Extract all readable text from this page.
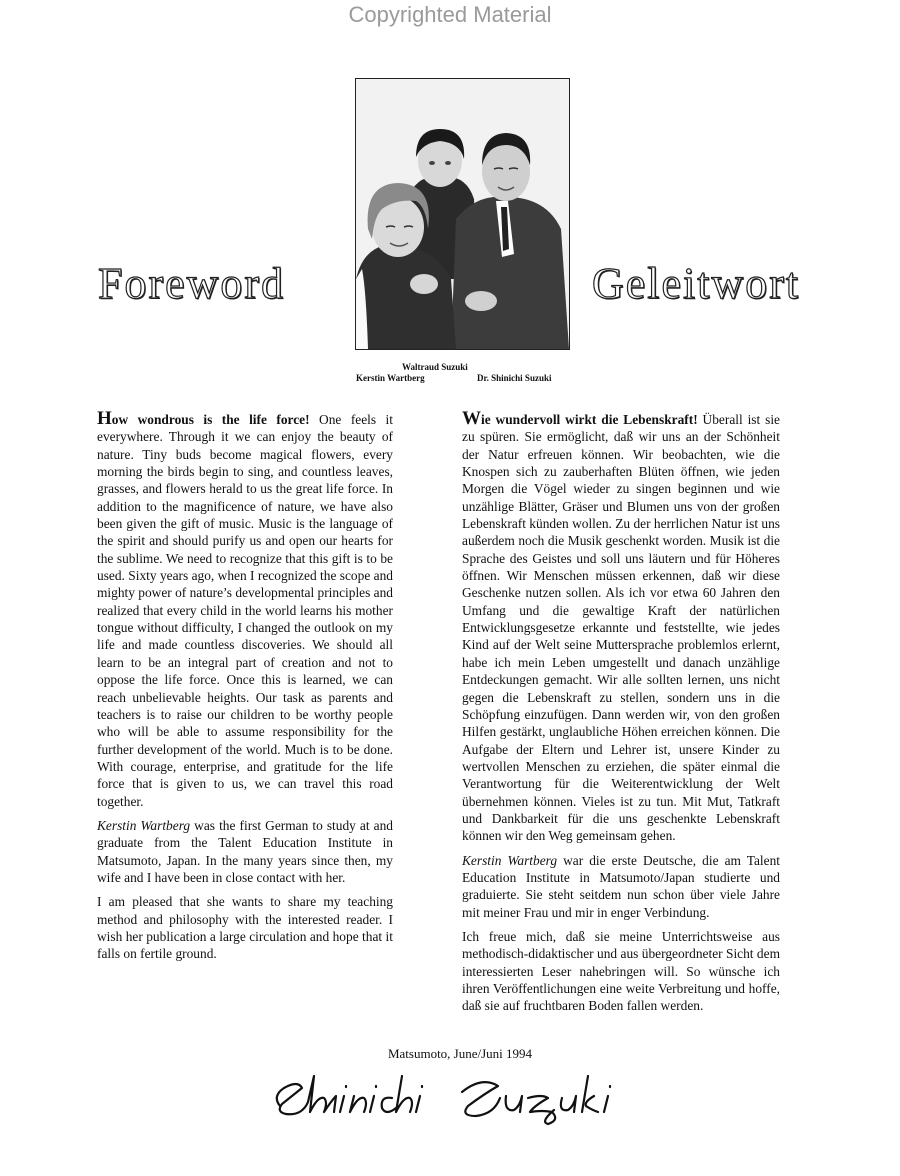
Copyrighted Material
Foreword	Geleitwort
Waltraud Suzuki
Kerstin Wartberg	Dr. Shinichi Suzuki

How wondrous is the life force! One feels it everywhere. Through it we can enjoy the beauty of nature. Tiny buds become magical flowers, every morning the birds begin to sing, and countless leaves, grasses, and flowers herald to us the great life force. In addition to the magnificence of nature, we have also been given the gift of music. Music is the language of the spirit and should purify us and open our hearts for the sublime. We need to recognize that this gift is to be used. Sixty years ago, when I recognized the scope and mighty power of nature’s developmental principles and realized that every child in the world learns his mother tongue without difficulty, I changed the outlook on my life and made countless discoveries. We should all learn to be an integral part of creation and not to oppose the life force. Once this is learned, we can reach unbelievable heights. Our task as parents and teachers is to raise our children to be worthy people who will be able to assume responsibility for the further development of the world. Much is to be done. With courage, enterprise, and gratitude for the life force that is given to us, we can travel this road together.

Kerstin Wartberg was the first German to study at and graduate from the Talent Education Institute in Matsumoto, Japan. In the many years since then, my wife and I have been in close contact with her.

I am pleased that she wants to share my teaching method and philosophy with the interested reader. I wish her publication a large circulation and hope that it falls on fertile ground.

Wie wundervoll wirkt die Lebenskraft! Überall ist sie zu spüren. Sie ermöglicht, daß wir uns an der Schönheit der Natur erfreuen können. Wir beobachten, wie die Knospen sich zu zauberhaften Blüten öffnen, wie jeden Morgen die Vögel wieder zu singen beginnen und wie unzählige Blätter, Gräser und Blumen uns von der großen Lebenskraft künden wollen. Zu der herrlichen Natur ist uns außerdem noch die Musik geschenkt worden. Musik ist die Sprache des Geistes und soll uns läutern und für Höheres öffnen. Wir Menschen müssen erkennen, daß wir diese Geschenke nutzen sollen. Als ich vor etwa 60 Jahren den Umfang und die gewaltige Kraft der natürlichen Entwicklungsgesetze erkannte und feststellte, wie jedes Kind auf der Welt seine Muttersprache problemlos erlernt, habe ich mein Leben umgestellt und danach unzählige Entdeckungen gemacht. Wir alle sollten lernen, uns nicht gegen die Lebenskraft zu stellen, sondern uns in die Schöpfung einzufügen. Dann werden wir, von den großen Hilfen gestärkt, unglaubliche Höhen erreichen können. Die Aufgabe der Eltern und Lehrer ist, unsere Kinder zu wertvollen Menschen zu erziehen, die später einmal die Verantwortung für die Weiterentwicklung der Welt übernehmen können. Vieles ist zu tun. Mit Mut, Tatkraft und Dankbarkeit für die uns geschenkte Lebenskraft können wir den Weg gemeinsam gehen.

Kerstin Wartberg war die erste Deutsche, die am Talent Education Institute in Matsumoto/Japan studierte und graduierte. Sie steht seitdem nun schon über viele Jahre mit meiner Frau und mir in enger Verbindung.

Ich freue mich, daß sie meine Unterrichtsweise aus methodisch-didaktischer und aus übergeordneter Sicht dem interessierten Leser nahebringen will. So wünsche ich ihren Veröffentlichungen eine weite Verbreitung und hoffe, daß sie auf fruchtbaren Boden fallen werden.

Matsumoto, June/Juni 1994
Shinichi Suzuki
